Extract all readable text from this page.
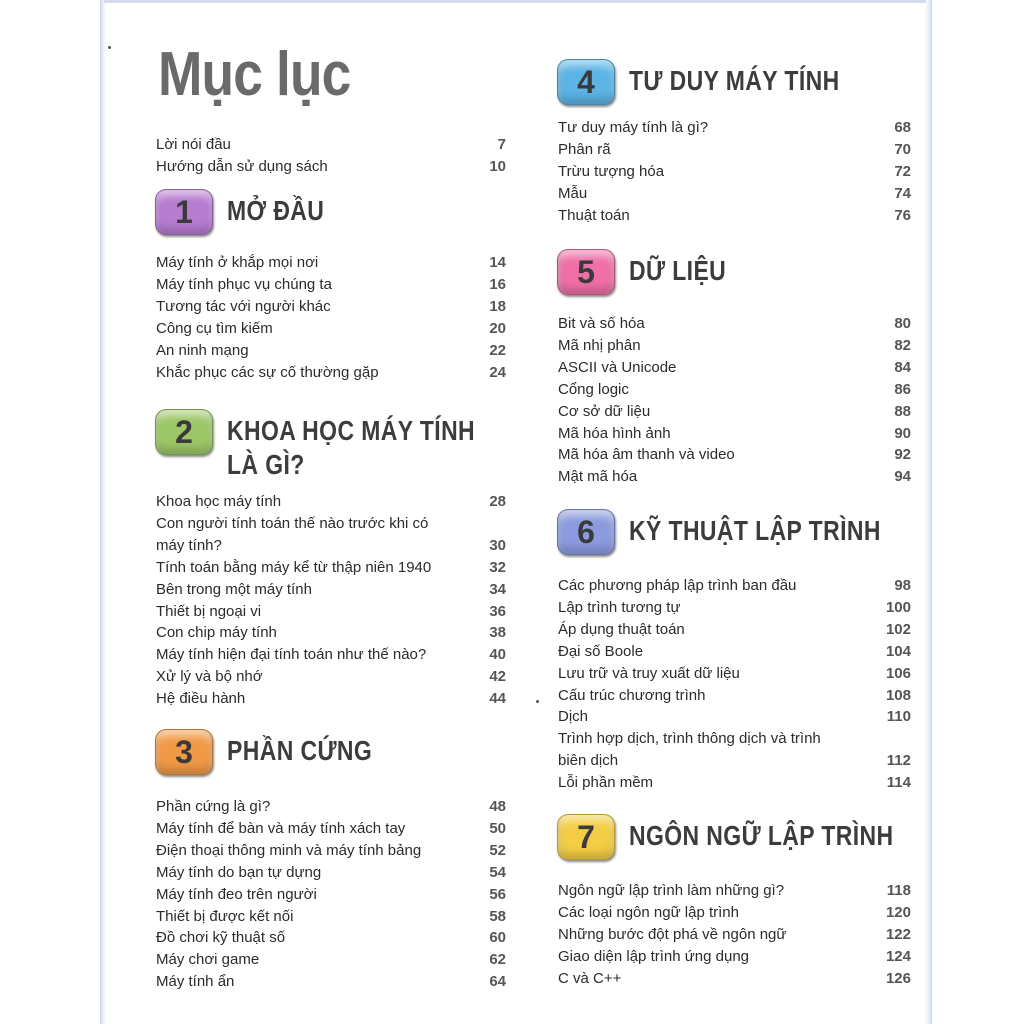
Mục lục
Lời nói đầu	7
Hướng dẫn sử dụng sách	10
1	MỞ ĐẦU
Máy tính ở khắp mọi nơi	14
Máy tính phục vụ chúng ta	16
Tương tác với người khác	18
Công cụ tìm kiếm	20
An ninh mạng	22
Khắc phục các sự cố thường gặp	24
2	KHOA HỌC MÁY TÍNH
LÀ GÌ?
Khoa học máy tính	28
Con người tính toán thế nào trước khi có
máy tính?	30
Tính toán bằng máy kể từ thập niên 1940	32
Bên trong một máy tính	34
Thiết bị ngoại vi	36
Con chip máy tính	38
Máy tính hiện đại tính toán như thế nào?	40
Xử lý và bộ nhớ	42
Hệ điều hành	44
3	PHẦN CỨNG
Phần cứng là gì?	48
Máy tính để bàn và máy tính xách tay	50
Điện thoại thông minh và máy tính bảng	52
Máy tính do bạn tự dựng	54
Máy tính đeo trên người	56
Thiết bị được kết nối	58
Đồ chơi kỹ thuật số	60
Máy chơi game	62
Máy tính ẩn	64
4	TƯ DUY MÁY TÍNH
Tư duy máy tính là gì?	68
Phân rã	70
Trừu tượng hóa	72
Mẫu	74
Thuật toán	76
5	DỮ LIỆU
Bit và số hóa	80
Mã nhị phân	82
ASCII và Unicode	84
Cổng logic	86
Cơ sở dữ liệu	88
Mã hóa hình ảnh	90
Mã hóa âm thanh và video	92
Mật mã hóa	94
6	KỸ THUẬT LẬP TRÌNH
Các phương pháp lập trình ban đầu	98
Lập trình tương tự	100
Áp dụng thuật toán	102
Đại số Boole	104
Lưu trữ và truy xuất dữ liệu	106
Cấu trúc chương trình	108
Dịch	110
Trình hợp dịch, trình thông dịch và trình
biên dịch	112
Lỗi phần mềm	114
7	NGÔN NGỮ LẬP TRÌNH
Ngôn ngữ lập trình làm những gì?	118
Các loại ngôn ngữ lập trình	120
Những bước đột phá về ngôn ngữ	122
Giao diện lập trình ứng dụng	124
C và C++	126
